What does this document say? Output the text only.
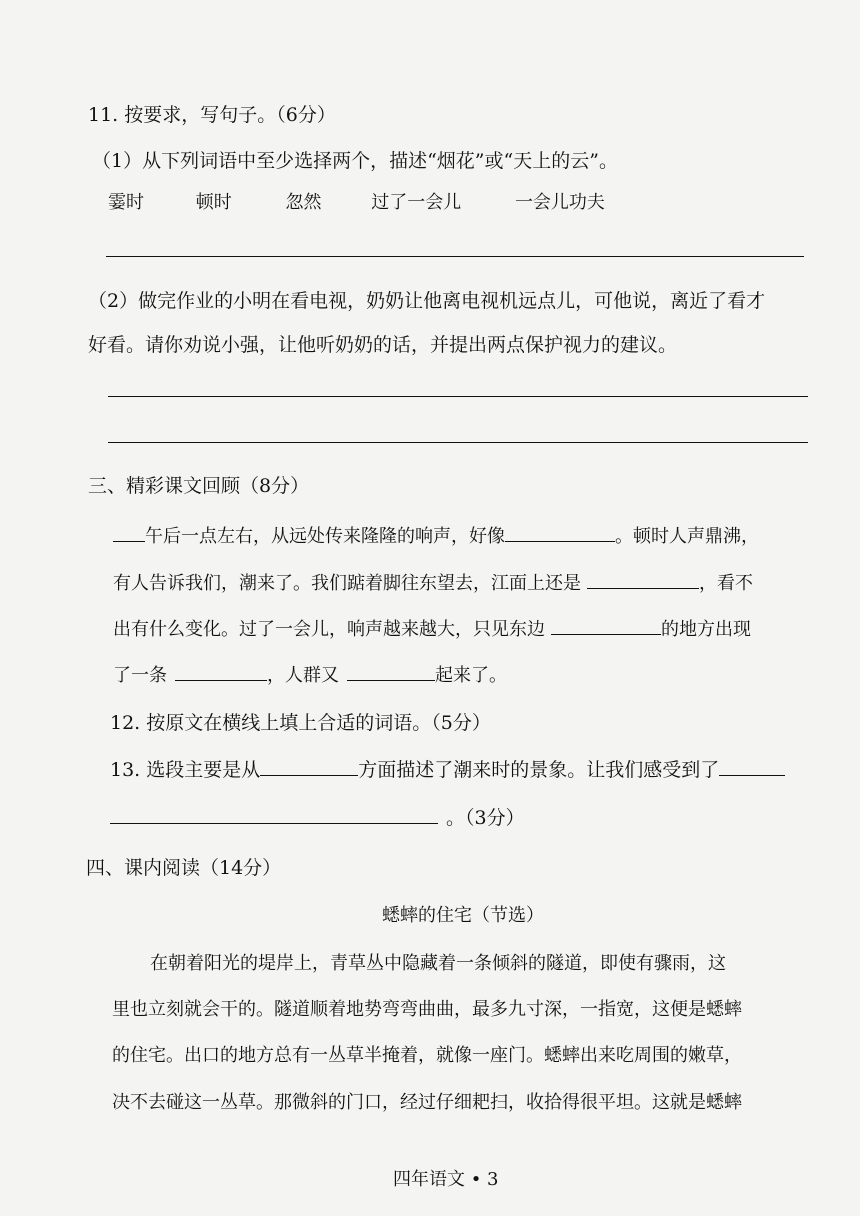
11. 按要求，写句子。（6分）
（1）从下列词语中至少选择两个，描述“烟花”或“天上的云”。
霎时	顿时	忽然	过了一会儿	一会儿功夫
（2）做完作业的小明在看电视，奶奶让他离电视机远点儿，可他说，离近了看才
好看。请你劝说小强，让他听奶奶的话，并提出两点保护视力的建议。
三、精彩课文回顾（8分）
午后一点左右，从远处传来隆隆的响声，好像	。顿时人声鼎沸，
有人告诉我们，潮来了。我们踮着脚往东望去，江面上还是	，看不
出有什么变化。过了一会儿，响声越来越大，只见东边	的地方出现
了一条	，人群又	起来了。
12. 按原文在横线上填上合适的词语。（5分）
13. 选段主要是从	方面描述了潮来时的景象。让我们感受到了
。（3分）
四、课内阅读（14分）
蟋蟀的住宅（节选）
在朝着阳光的堤岸上，青草丛中隐藏着一条倾斜的隧道，即使有骤雨，这
里也立刻就会干的。隧道顺着地势弯弯曲曲，最多九寸深，一指宽，这便是蟋蟀
的住宅。出口的地方总有一丛草半掩着，就像一座门。蟋蟀出来吃周围的嫩草，
决不去碰这一丛草。那微斜的门口，经过仔细耙扫，收拾得很平坦。这就是蟋蟀
四年语文 • 3
